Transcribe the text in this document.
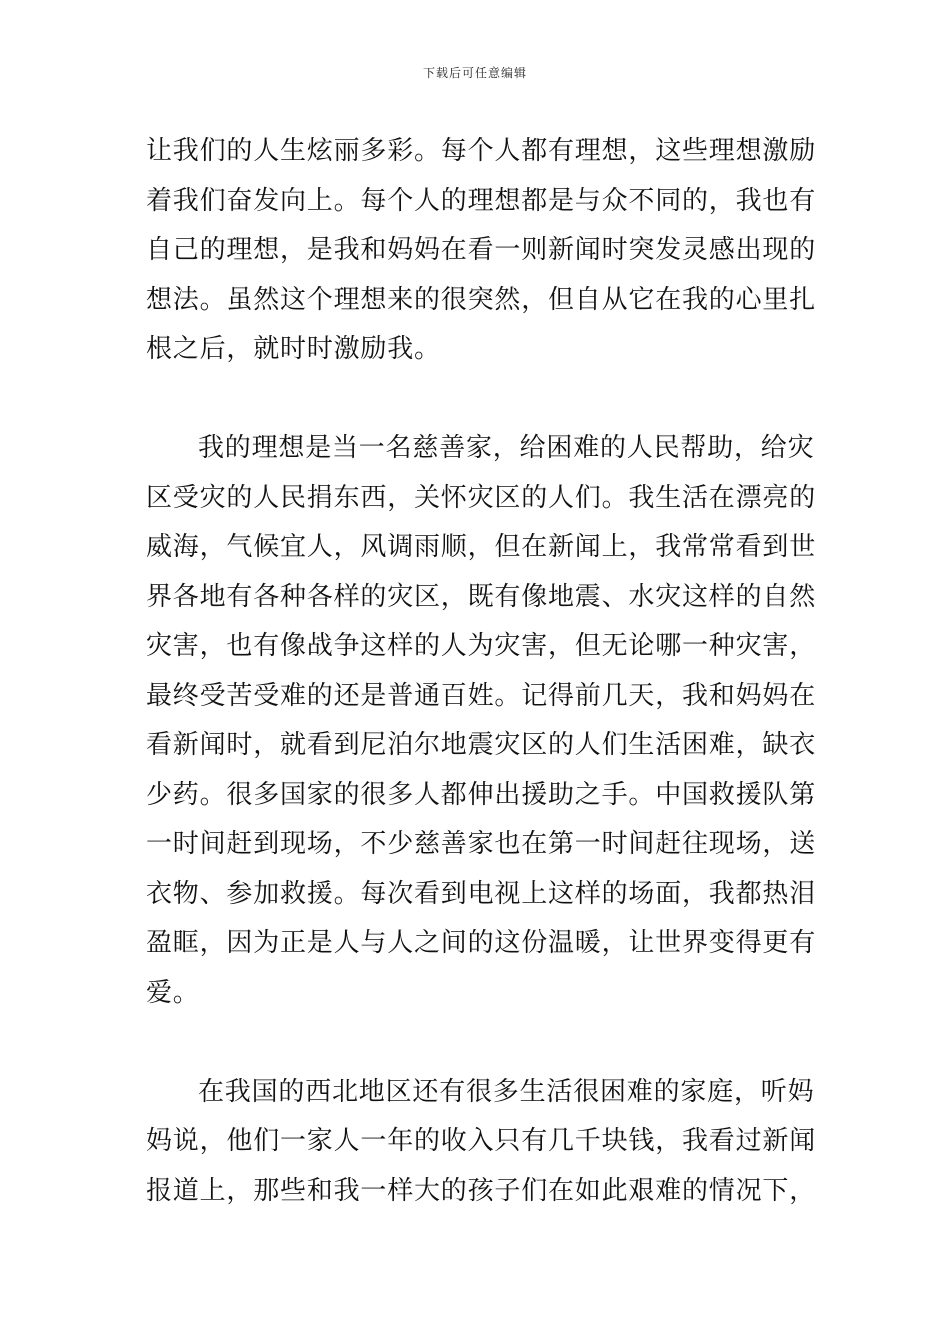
下载后可任意编辑
让我们的人生炫丽多彩。每个人都有理想，这些理想激励
着我们奋发向上。每个人的理想都是与众不同的，我也有
自己的理想，是我和妈妈在看一则新闻时突发灵感出现的
想法。虽然这个理想来的很突然，但自从它在我的心里扎
根之后，就时时激励我。
我的理想是当一名慈善家，给困难的人民帮助，给灾
区受灾的人民捐东西，关怀灾区的人们。我生活在漂亮的
威海，气候宜人，风调雨顺，但在新闻上，我常常看到世
界各地有各种各样的灾区，既有像地震、水灾这样的自然
灾害，也有像战争这样的人为灾害，但无论哪一种灾害，
最终受苦受难的还是普通百姓。记得前几天，我和妈妈在
看新闻时，就看到尼泊尔地震灾区的人们生活困难，缺衣
少药。很多国家的很多人都伸出援助之手。中国救援队第
一时间赶到现场，不少慈善家也在第一时间赶往现场，送
衣物、参加救援。每次看到电视上这样的场面，我都热泪
盈眶，因为正是人与人之间的这份温暖，让世界变得更有
爱。
在我国的西北地区还有很多生活很困难的家庭，听妈
妈说，他们一家人一年的收入只有几千块钱，我看过新闻
报道上，那些和我一样大的孩子们在如此艰难的情况下，
